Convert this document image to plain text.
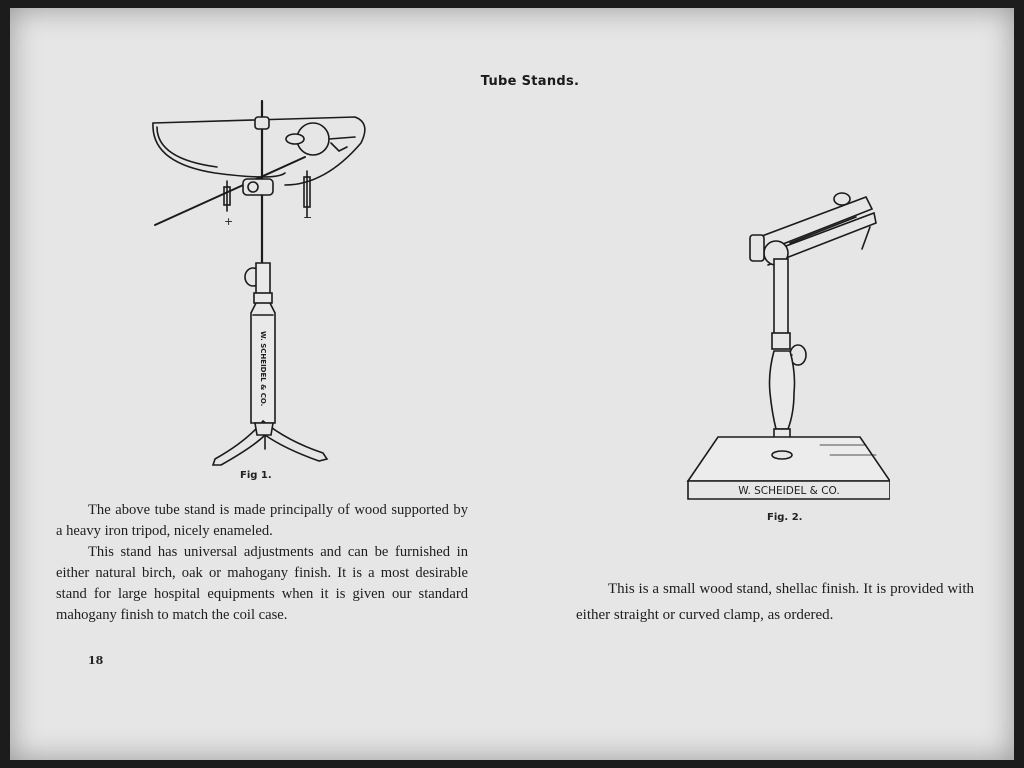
Tube Stands.
+	−
W. SCHEIDEL & CO.
Fig 1.
W. SCHEIDEL & CO.
Fig. 2.

The above tube stand is made principally of wood supported by a heavy iron tripod, nicely enameled.

This stand has universal adjustments and can be furnished in either natural birch, oak or mahogany finish. It is a most desirable stand for large hospital equipments when it is given our standard mahogany finish to match the coil case.

18

This is a small wood stand, shellac finish. It is provided with either straight or curved clamp, as ordered.
